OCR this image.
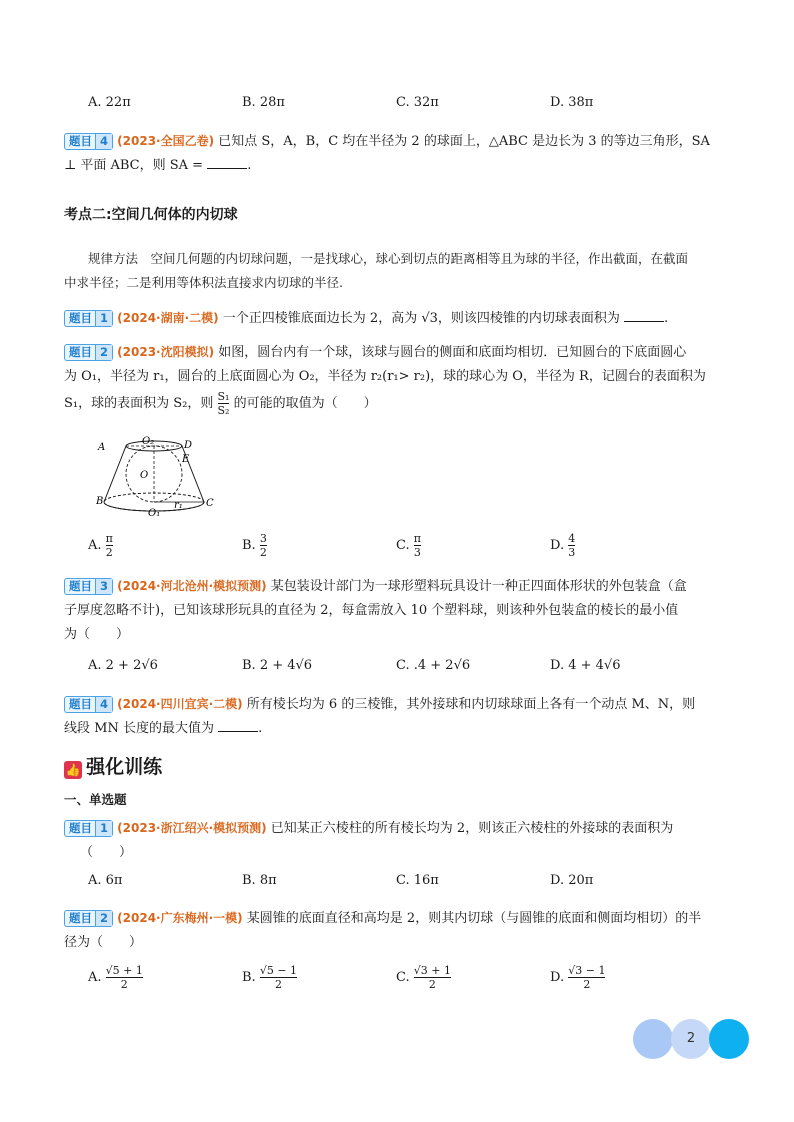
A. 22π	B. 28π	C. 32π	D. 38π
题目 4 (2023·全国乙卷) 已知点 S，A，B，C 均在半径为 2 的球面上，△ABC 是边长为 3 的等边三角形，SA
⊥ 平面 ABC，则 SA =	.
考点二:空间几何体的内切球
规律方法　空间几何题的内切球问题，一是找球心，球心到切点的距离相等且为球的半径，作出截面，在截面
中求半径；二是利用等体积法直接求内切球的半径.
题目 1 (2024·湖南·二模) 一个正四棱锥底面边长为 2，高为 √3，则该四棱锥的内切球表面积为	.
题目 2 (2023·沈阳模拟) 如图，圆台内有一个球，该球与圆台的侧面和底面均相切．已知圆台的下底面圆心
为 O₁，半径为 r₁，圆台的上底面圆心为 O₂，半径为 r₂(r₁> r₂)，球的球心为 O，半径为 R，记圆台的表面积为
S₁，球的表面积为 S₂，则 $\frac{\text{S₁}}{\text{S₂}}$ 的可能的取值为（　　）
A
O₂	D
E
O
B	C
O₁
r₁
A. $\frac{\pi}{2}$	B. $\frac{3}{2}$	C. $\frac{\pi}{3}$	D. $\frac{4}{3}$
题目 3 (2024·河北沧州·模拟预测) 某包装设计部门为一球形塑料玩具设计一种正四面体形状的外包装盒（盒
子厚度忽略不计)，已知该球形玩具的直径为 2，每盒需放入 10 个塑料球，则该种外包装盒的棱长的最小值
为（　　）
A. 2 + 2√6	B. 2 + 4√6	C. .4 + 2√6	D. 4 + 4√6
题目 4 (2024·四川宜宾·二模) 所有棱长均为 6 的三棱锥，其外接球和内切球球面上各有一个动点 M、N，则
线段 MN 长度的最大值为	.
👍 强化训练
一、单选题
题目 1 (2023·浙江绍兴·模拟预测) 已知某正六棱柱的所有棱长均为 2，则该正六棱柱的外接球的表面积为
（　　）
A. 6π	B. 8π	C. 16π	D. 20π
题目 2 (2024·广东梅州·一模) 某圆锥的底面直径和高均是 2，则其内切球（与圆锥的底面和侧面均相切）的半
径为（　　）
A. $\frac{√5 + 1}{2}$	B. $\frac{√5 - 1}{2}$	C. $\frac{√3 + 1}{2}$	D. $\frac{√3 - 1}{2}$
2
